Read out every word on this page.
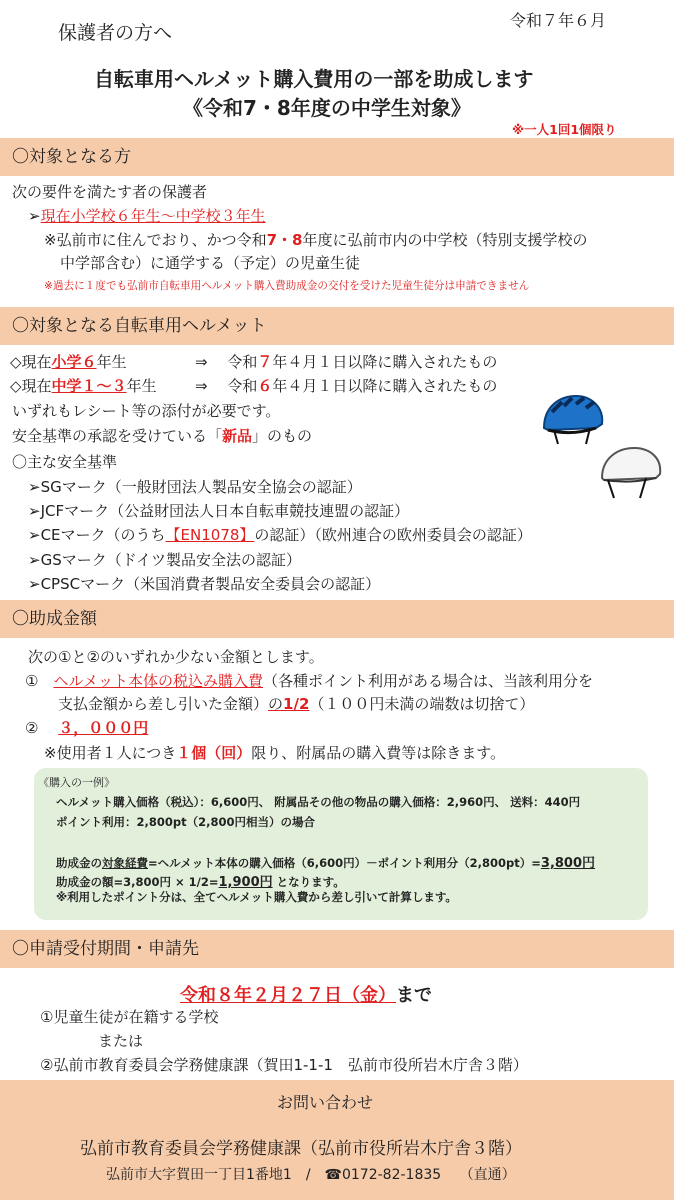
保護者の方へ
令和７年６月
自転車用ヘルメット購入費用の一部を助成します
《令和7・8年度の中学生対象》
※一人1回1個限り
〇対象となる方
次の要件を満たす者の保護者
➢現在小学校６年生～中学校３年生
※弘前市に住んでおり、かつ令和7・8年度に弘前市内の中学校（特別支援学校の
中学部含む）に通学する（予定）の児童生徒
※過去に１度でも弘前市自転車用ヘルメット購入費助成金の交付を受けた児童生徒分は申請できません
〇対象となる自転車用ヘルメット
◇現在小学６年生	⇒　 令和７年４月１日以降に購入されたもの
◇現在中学１～３年生	⇒　 令和６年４月１日以降に購入されたもの
いずれもレシート等の添付が必要です。
安全基準の承認を受けている「新品」のもの
〇主な安全基準
➢SGマーク（一般財団法人製品安全協会の認証）
➢JCFマーク（公益財団法人日本自転車競技連盟の認証）
➢CEマーク（のうち【EN1078】の認証）（欧州連合の欧州委員会の認証）
➢GSマーク（ドイツ製品安全法の認証）
➢CPSCマーク（米国消費者製品安全委員会の認証）
〇助成金額
次の①と②のいずれか少ない金額とします。
①　 ヘルメット本体の税込み購入費（各種ポイント利用がある場合は、当該利用分を
支払金額から差し引いた金額）の1/2（１００円未満の端数は切捨て）
②　 ３，０００円
※使用者１人につき１個（回）限り、附属品の購入費等は除きます。
《購入の一例》
ヘルメット購入価格（税込）：6,600円、 附属品その他の物品の購入価格：2,960円、 送料：440円
ポイント利用：2,800pt（2,800円相当）の場合
助成金の対象経費=ヘルメット本体の購入価格（6,600円）－ポイント利用分（2,800pt）=3,800円
助成金の額=3,800円 × 1/2=1,900円 となります。
※利用したポイント分は、全てヘルメット購入費から差し引いて計算します。
〇申請受付期間・申請先
令和８年２月２７日（金）まで
①児童生徒が在籍する学校
または
②弘前市教育委員会学務健康課（賀田1-1-1　弘前市役所岩木庁舎３階）
お問い合わせ
弘前市教育委員会学務健康課（弘前市役所岩木庁舎３階）
弘前市大字賀田一丁目1番地1　 /　 ☎0172-82-1835　 （直通）
